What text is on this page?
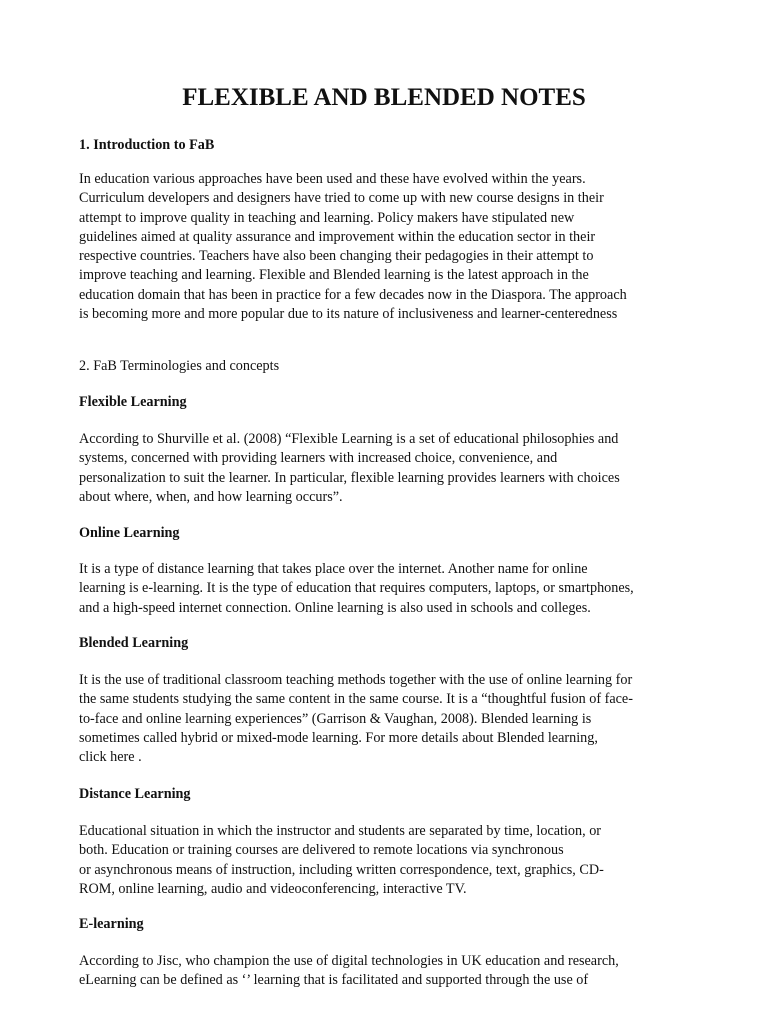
FLEXIBLE AND BLENDED NOTES
1. Introduction to FaB
In education various approaches have been used and these have evolved within the years.
Curriculum developers and designers have tried to come up with new course designs in their
attempt to improve quality in teaching and learning. Policy makers have stipulated new
guidelines aimed at quality assurance and improvement within the education sector in their
respective countries. Teachers have also been changing their pedagogies in their attempt to
improve teaching and learning. Flexible and Blended learning is the latest approach in the
education domain that has been in practice for a few decades now in the Diaspora. The approach
is becoming more and more popular due to its nature of inclusiveness and learner-centeredness
2. FaB Terminologies and concepts
Flexible Learning
According to Shurville et al. (2008) “Flexible Learning is a set of educational philosophies and
systems, concerned with providing learners with increased choice, convenience, and
personalization to suit the learner. In particular, flexible learning provides learners with choices
about where, when, and how learning occurs”.
Online Learning
It is a type of distance learning that takes place over the internet. Another name for online
learning is e-learning. It is the type of education that requires computers, laptops, or smartphones,
and a high-speed internet connection. Online learning is also used in schools and colleges.
Blended Learning
It is the use of traditional classroom teaching methods together with the use of online learning for
the same students studying the same content in the same course. It is a “thoughtful fusion of face-
to-face and online learning experiences” (Garrison & Vaughan, 2008). Blended learning is
sometimes called hybrid or mixed-mode learning. For more details about Blended learning,
click here .
Distance Learning
Educational situation in which the instructor and students are separated by time, location, or
both. Education or training courses are delivered to remote locations via synchronous
or asynchronous means of instruction, including written correspondence, text, graphics, CD-
ROM, online learning, audio and videoconferencing, interactive TV.
E-learning
According to Jisc, who champion the use of digital technologies in UK education and research,
eLearning can be defined as ‘’ learning that is facilitated and supported through the use of
